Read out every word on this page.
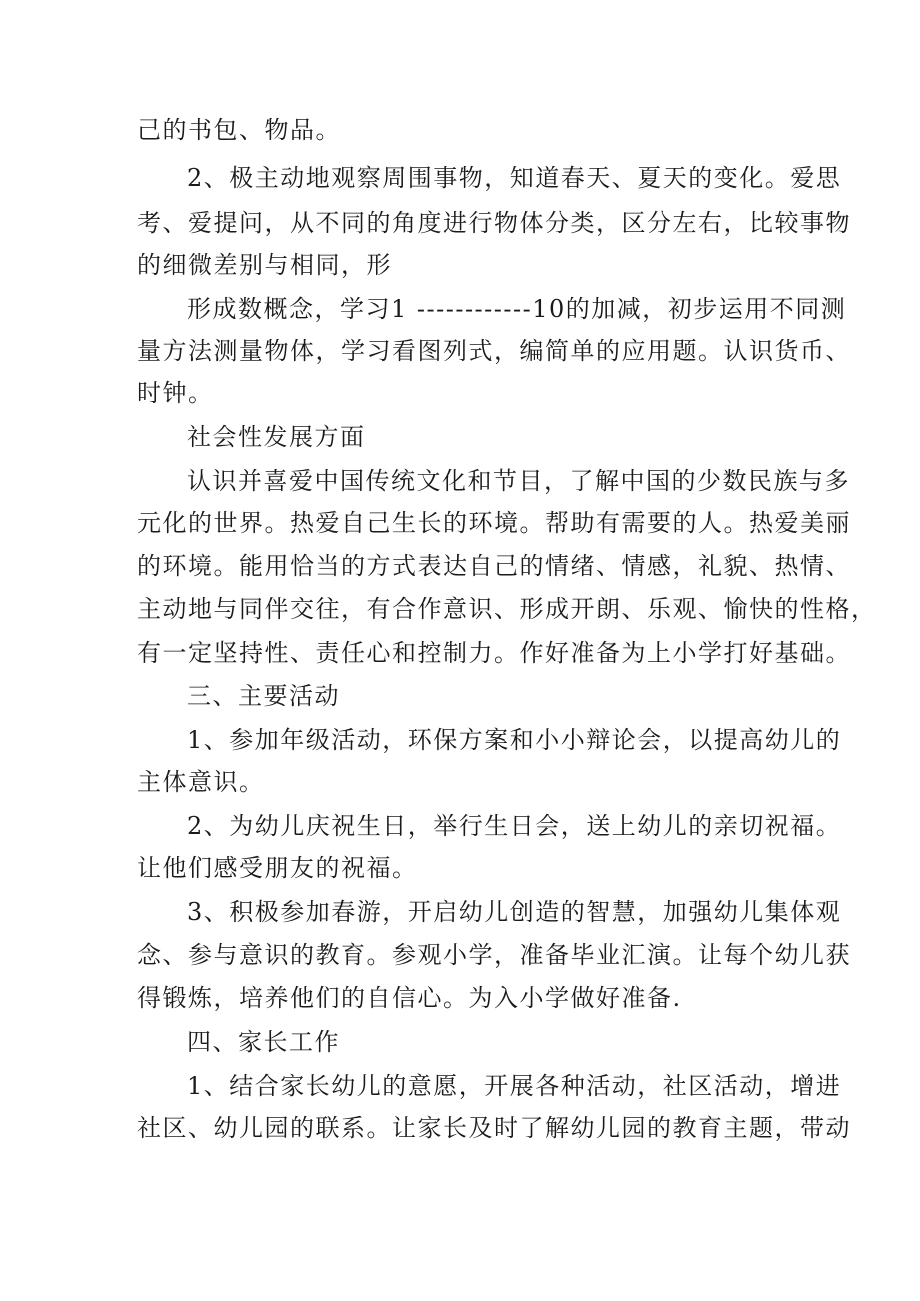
己的书包、物品。
2、极主动地观察周围事物，知道春天、夏天的变化。爱思
考、爱提问，从不同的角度进行物体分类，区分左右，比较事物
的细微差别与相同，形
形成数概念，学习1 ------------10的加减，初步运用不同测
量方法测量物体，学习看图列式，编简单的应用题。认识货币、
时钟。
社会性发展方面
认识并喜爱中国传统文化和节目，了解中国的少数民族与多
元化的世界。热爱自己生长的环境。帮助有需要的人。热爱美丽
的环境。能用恰当的方式表达自己的情绪、情感，礼貌、热情、
主动地与同伴交往，有合作意识、形成开朗、乐观、愉快的性格，
有一定坚持性、责任心和控制力。作好准备为上小学打好基础。
三、主要活动
1、参加年级活动，环保方案和小小辩论会，以提高幼儿的
主体意识。
2、为幼儿庆祝生日，举行生日会，送上幼儿的亲切祝福。
让他们感受朋友的祝福。
3、积极参加春游，开启幼儿创造的智慧，加强幼儿集体观
念、参与意识的教育。参观小学，准备毕业汇演。让每个幼儿获
得锻炼，培养他们的自信心。为入小学做好准备.
四、家长工作
1、结合家长幼儿的意愿，开展各种活动，社区活动，增进
社区、幼儿园的联系。让家长及时了解幼儿园的教育主题，带动
